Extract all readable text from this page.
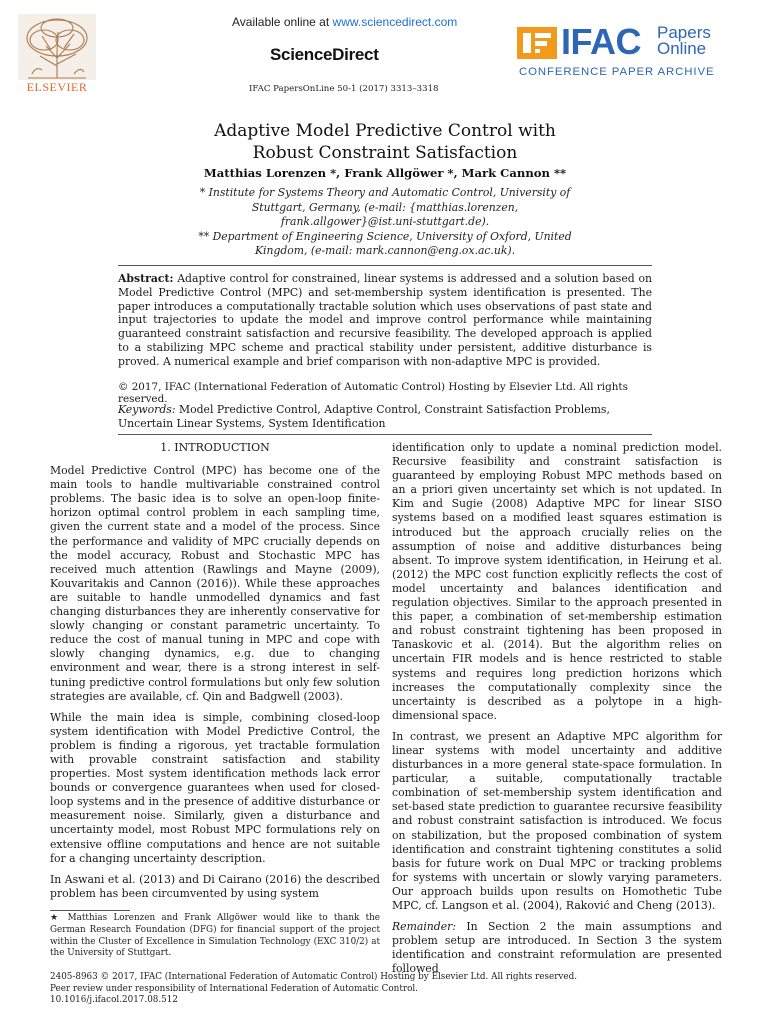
ELSEVIER
Available online at www.sciencedirect.com
ScienceDirect
IFAC PapersOnLine 50-1 (2017) 3313–3318
IFAC Papers
Online
CONFERENCE PAPER ARCHIVE
Adaptive Model Predictive Control with
Robust Constraint Satisfaction
Matthias Lorenzen *, Frank Allgöwer *, Mark Cannon **
* Institute for Systems Theory and Automatic Control, University of
Stuttgart, Germany, (e-mail: {matthias.lorenzen,
frank.allgower}@ist.uni-stuttgart.de).
** Department of Engineering Science, University of Oxford, United
Kingdom, (e-mail: mark.cannon@eng.ox.ac.uk).
Abstract: Adaptive control for constrained, linear systems is addressed and a solution based on Model Predictive Control (MPC) and set-membership system identification is presented. The paper introduces a computationally tractable solution which uses observations of past state and input trajectories to update the model and improve control performance while maintaining guaranteed constraint satisfaction and recursive feasibility. The developed approach is applied to a stabilizing MPC scheme and practical stability under persistent, additive disturbance is proved. A numerical example and brief comparison with non-adaptive MPC is provided.
© 2017, IFAC (International Federation of Automatic Control) Hosting by Elsevier Ltd. All rights reserved.
Keywords: Model Predictive Control, Adaptive Control, Constraint Satisfaction Problems, Uncertain Linear Systems, System Identification
1. INTRODUCTION

Model Predictive Control (MPC) has become one of the main tools to handle multivariable constrained control problems. The basic idea is to solve an open-loop finite-horizon optimal control problem in each sampling time, given the current state and a model of the process. Since the performance and validity of MPC crucially depends on the model accuracy, Robust and Stochastic MPC has received much attention (Rawlings and Mayne (2009), Kouvaritakis and Cannon (2016)). While these approaches are suitable to handle unmodelled dynamics and fast changing disturbances they are inherently conservative for slowly changing or constant parametric uncertainty. To reduce the cost of manual tuning in MPC and cope with slowly changing dynamics, e.g. due to changing environment and wear, there is a strong interest in self-tuning predictive control formulations but only few solution strategies are available, cf. Qin and Badgwell (2003).

While the main idea is simple, combining closed-loop system identification with Model Predictive Control, the problem is finding a rigorous, yet tractable formulation with provable constraint satisfaction and stability properties. Most system identification methods lack error bounds or convergence guarantees when used for closed-loop systems and in the presence of additive disturbance or measurement noise. Similarly, given a disturbance and uncertainty model, most Robust MPC formulations rely on extensive offline computations and hence are not suitable for a changing uncertainty description.

In Aswani et al. (2013) and Di Cairano (2016) the described problem has been circumvented by using system

identification only to update a nominal prediction model. Recursive feasibility and constraint satisfaction is guaranteed by employing Robust MPC methods based on an a priori given uncertainty set which is not updated. In Kim and Sugie (2008) Adaptive MPC for linear SISO systems based on a modified least squares estimation is introduced but the approach crucially relies on the assumption of noise and additive disturbances being absent. To improve system identification, in Heirung et al. (2012) the MPC cost function explicitly reflects the cost of model uncertainty and balances identification and regulation objectives. Similar to the approach presented in this paper, a combination of set-membership estimation and robust constraint tightening has been proposed in Tanaskovic et al. (2014). But the algorithm relies on uncertain FIR models and is hence restricted to stable systems and requires long prediction horizons which increases the computationally complexity since the uncertainty is described as a polytope in a high-dimensional space.

In contrast, we present an Adaptive MPC algorithm for linear systems with model uncertainty and additive disturbances in a more general state-space formulation. In particular, a suitable, computationally tractable combination of set-membership system identification and set-based state prediction to guarantee recursive feasibility and robust constraint satisfaction is introduced. We focus on stabilization, but the proposed combination of system identification and constraint tightening constitutes a solid basis for future work on Dual MPC or tracking problems for systems with uncertain or slowly varying parameters. Our approach builds upon results on Homothetic Tube MPC, cf. Langson et al. (2004), Raković and Cheng (2013).

Remainder: In Section 2 the main assumptions and problem setup are introduced. In Section 3 the system identification and constraint reformulation are presented followed

★ Matthias Lorenzen and Frank Allgöwer would like to thank the German Research Foundation (DFG) for financial support of the project within the Cluster of Excellence in Simulation Technology (EXC 310/2) at the University of Stuttgart.
2405-8963 © 2017, IFAC (International Federation of Automatic Control) Hosting by Elsevier Ltd. All rights reserved.
Peer review under responsibility of International Federation of Automatic Control.
10.1016/j.ifacol.2017.08.512
